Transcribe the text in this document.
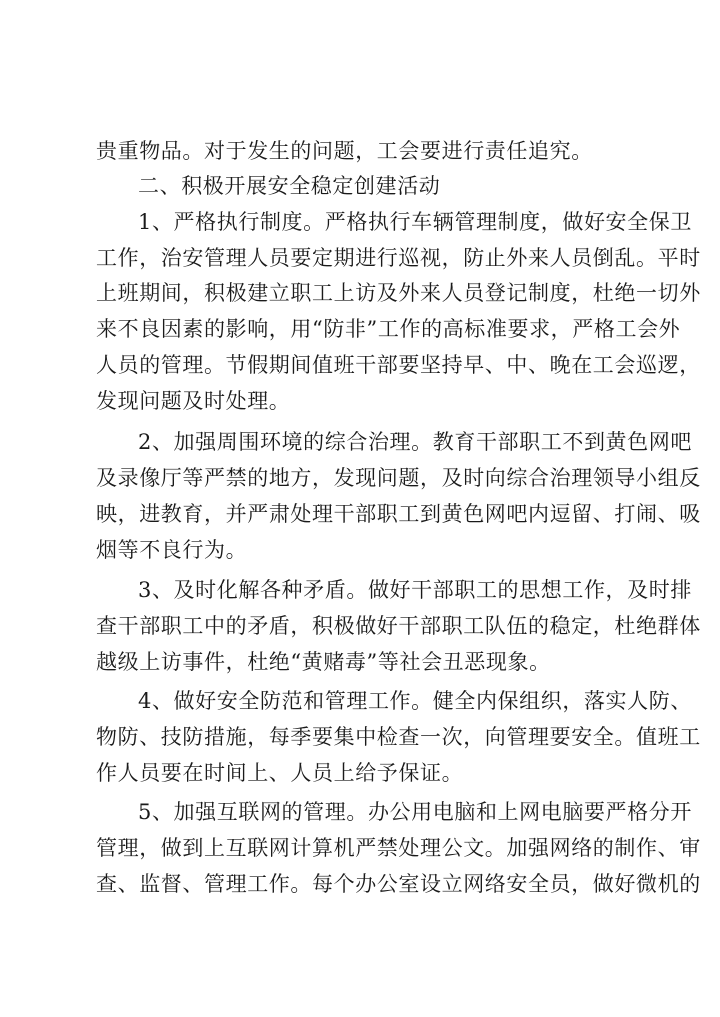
贵重物品。对于发生的问题，工会要进行责任追究。
二、积极开展安全稳定创建活动
1、严格执行制度。严格执行车辆管理制度，做好安全保卫
工作，治安管理人员要定期进行巡视，防止外来人员倒乱。平时
上班期间，积极建立职工上访及外来人员登记制度，杜绝一切外
来不良因素的影响，用“防非”工作的高标准要求，严格工会外
人员的管理。节假期间值班干部要坚持早、中、晚在工会巡逻，
发现问题及时处理。
2、加强周围环境的综合治理。教育干部职工不到黄色网吧
及录像厅等严禁的地方，发现问题，及时向综合治理领导小组反
映，进教育，并严肃处理干部职工到黄色网吧内逗留、打闹、吸
烟等不良行为。
3、及时化解各种矛盾。做好干部职工的思想工作，及时排
查干部职工中的矛盾，积极做好干部职工队伍的稳定，杜绝群体
越级上访事件，杜绝“黄赌毒”等社会丑恶现象。
4、做好安全防范和管理工作。健全内保组织，落实人防、
物防、技防措施，每季要集中检查一次，向管理要安全。值班工
作人员要在时间上、人员上给予保证。
5、加强互联网的管理。办公用电脑和上网电脑要严格分开
管理，做到上互联网计算机严禁处理公文。加强网络的制作、审
查、监督、管理工作。每个办公室设立网络安全员，做好微机的
